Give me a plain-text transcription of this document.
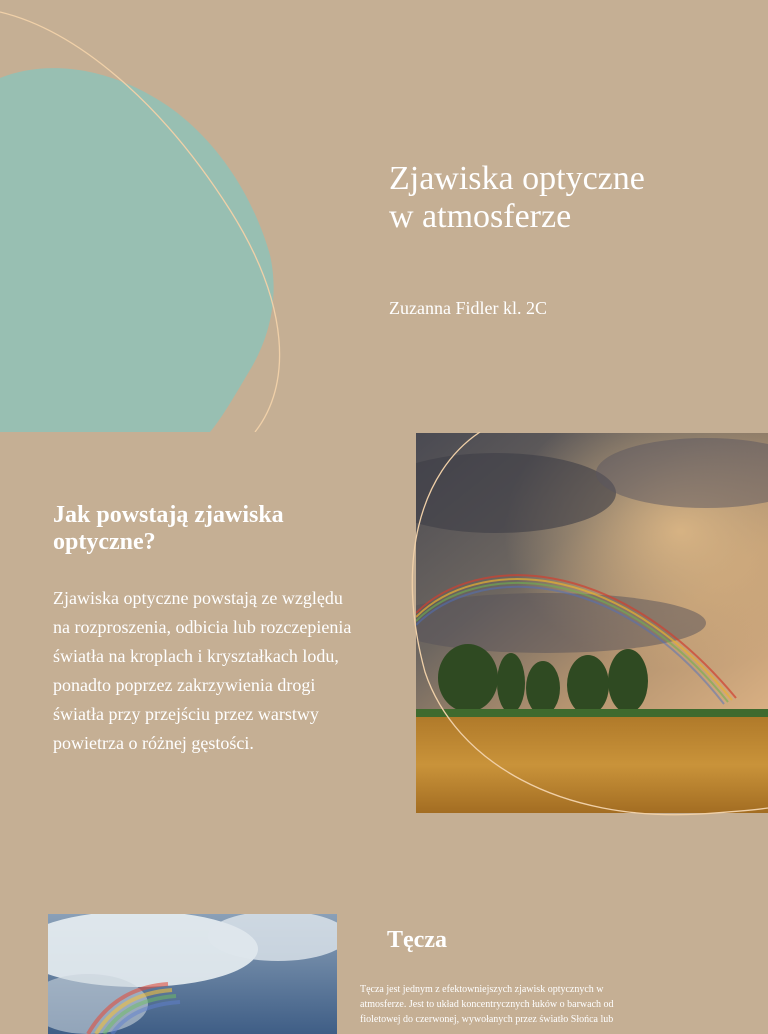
Zjawiska optyczne
w atmosferze

Zuzanna Fidler kl. 2C

Jak powstają zjawiska
optyczne?

Zjawiska optyczne powstają ze względu
na rozproszenia, odbicia lub rozczepienia
światła na kroplach i kryształkach lodu,
ponadto poprzez zakrzywienia drogi
światła przy przejściu przez warstwy
powietrza o różnej gęstości.

Tęcza

Tęcza jest jednym z efektowniejszych zjawisk optycznych w
atmosferze. Jest to układ koncentrycznych łuków o barwach od
fioletowej do czerwonej, wywołanych przez światło Słońca lub
